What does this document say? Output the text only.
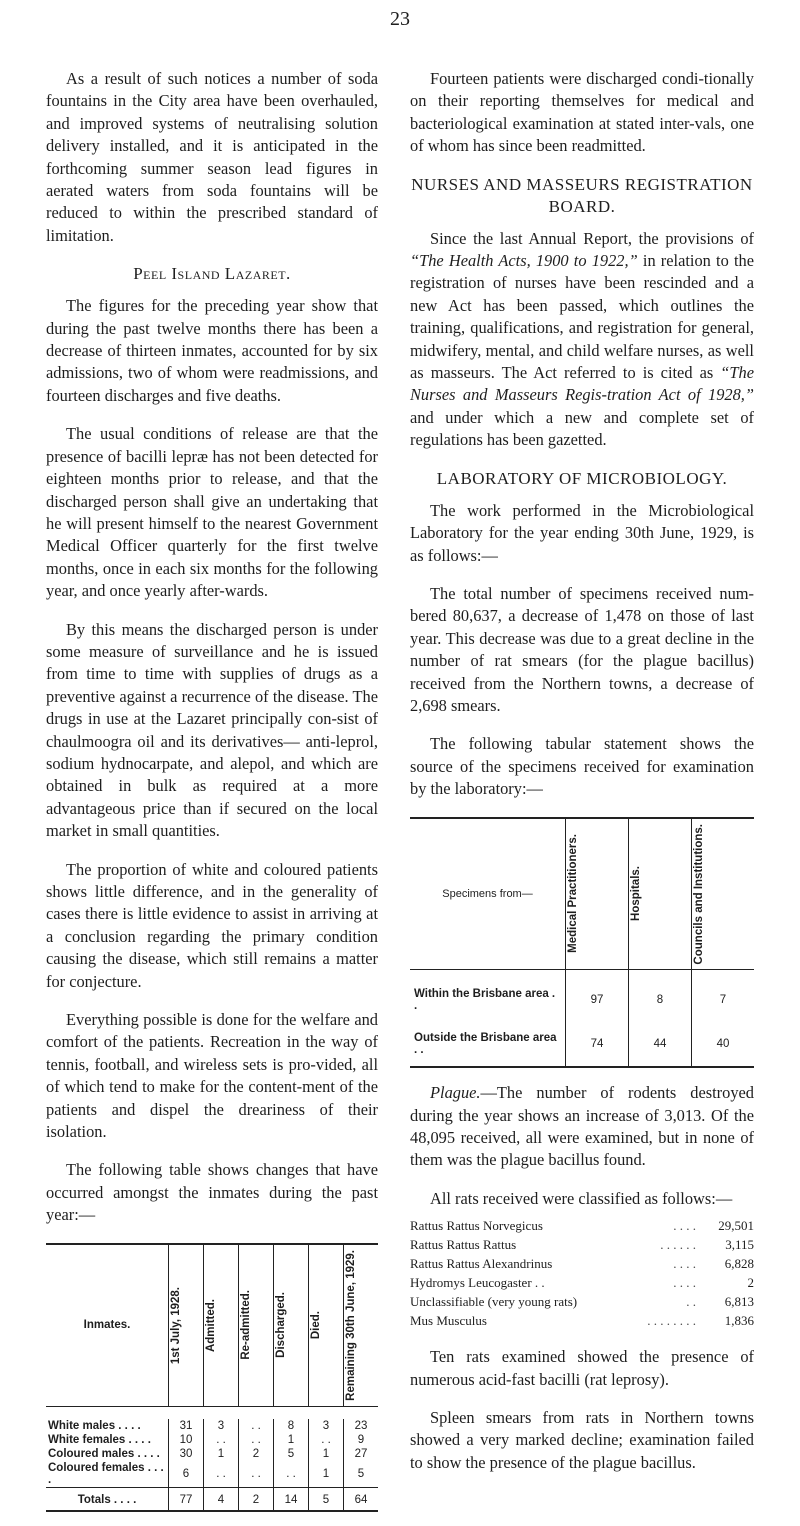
23

As a result of such notices a number of soda fountains in the City area have been overhauled, and improved systems of neutralising solution delivery installed, and it is anticipated in the forthcoming summer season lead figures in aerated waters from soda fountains will be reduced to within the prescribed standard of limitation.

Peel Island Lazaret.

The figures for the preceding year show that during the past twelve months there has been a decrease of thirteen inmates, accounted for by six admissions, two of whom were readmissions, and fourteen discharges and five deaths.

The usual conditions of release are that the presence of bacilli lepræ has not been detected for eighteen months prior to release, and that the discharged person shall give an undertaking that he will present himself to the nearest Government Medical Officer quarterly for the first twelve months, once in each six months for the following year, and once yearly after-wards.

By this means the discharged person is under some measure of surveillance and he is issued from time to time with supplies of drugs as a preventive against a recurrence of the disease. The drugs in use at the Lazaret principally con-sist of chaulmoogra oil and its derivatives— anti-leprol, sodium hydnocarpate, and alepol, and which are obtained in bulk as required at a more advantageous price than if secured on the local market in small quantities.

The proportion of white and coloured patients shows little difference, and in the generality of cases there is little evidence to assist in arriving at a conclusion regarding the primary condition causing the disease, which still remains a matter for conjecture.

Everything possible is done for the welfare and comfort of the patients. Recreation in the way of tennis, football, and wireless sets is pro-vided, all of which tend to make for the content-ment of the patients and dispel the dreariness of their isolation.

The following table shows changes that have occurred amongst the inmates during the past year:—

Inmates.	1st July, 1928.	Admitted.	Re-admitted.	Discharged.	Died.	Remaining 30th June, 1929.

White males . . . .	31	3	. .	8	3	23
White females . . . .	10	. .	. .	1	. .	9
Coloured males . . . .	30	1	2	5	1	27
Coloured females . . . .	6	. .	. .	. .	1	5
Totals . . . .	77	4	2	14	5	64

Fourteen patients were discharged condi-tionally on their reporting themselves for medical and bacteriological examination at stated inter-vals, one of whom has since been readmitted.

NURSES AND MASSEURS REGISTRATION BOARD.

Since the last Annual Report, the provisions of “The Health Acts, 1900 to 1922,” in relation to the registration of nurses have been rescinded and a new Act has been passed, which outlines the training, qualifications, and registration for general, midwifery, mental, and child welfare nurses, as well as masseurs. The Act referred to is cited as “The Nurses and Masseurs Regis-tration Act of 1928,” and under which a new and complete set of regulations has been gazetted.

LABORATORY OF MICROBIOLOGY.

The work performed in the Microbiological Laboratory for the year ending 30th June, 1929, is as follows:—

The total number of specimens received num-bered 80,637, a decrease of 1,478 on those of last year. This decrease was due to a great decline in the number of rat smears (for the plague bacillus) received from the Northern towns, a decrease of 2,698 smears.

The following tabular statement shows the source of the specimens received for examination by the laboratory:—

Specimens from—	Medical Practitioners.	Hospitals.	Councils and Institutions.

Within the Brisbane area . .	97	8	7
Outside the Brisbane area . .	74	44	40

Plague.—The number of rodents destroyed during the year shows an increase of 3,013. Of the 48,095 received, all were examined, but in none of them was the plague bacillus found.

All rats received were classified as follows:—

Rattus Rattus Norvegicus	. . . .	29,501
Rattus Rattus Rattus	. . . . . .	3,115
Rattus Rattus Alexandrinus	. . . .	6,828
Hydromys Leucogaster . .	. . . .	2
Unclassifiable (very young rats)	. .	6,813
Mus Musculus	. . . . . . . .	1,836

Ten rats examined showed the presence of numerous acid-fast bacilli (rat leprosy).

Spleen smears from rats in Northern towns showed a very marked decline; examination failed to show the presence of the plague bacillus.
